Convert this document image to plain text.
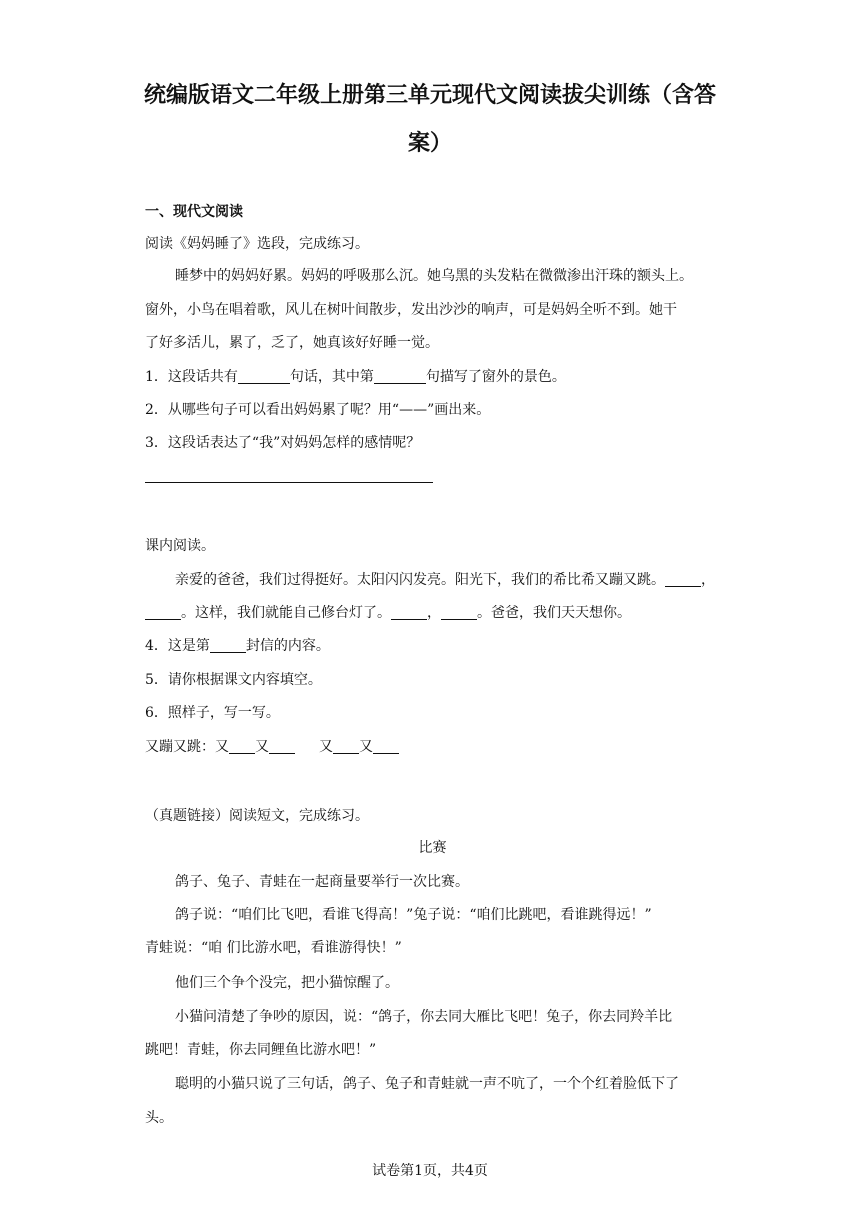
统编版语文二年级上册第三单元现代文阅读拔尖训练（含答
案）
一、现代文阅读
阅读《妈妈睡了》选段，完成练习。
睡梦中的妈妈好累。妈妈的呼吸那么沉。她乌黑的头发粘在微微渗出汗珠的额头上。
窗外，小鸟在唱着歌，风儿在树叶间散步，发出沙沙的响声，可是妈妈全听不到。她干
了好多活儿，累了，乏了，她真该好好睡一觉。
1．这段话共有	句话，其中第	句描写了窗外的景色。
2．从哪些句子可以看出妈妈累了呢？用“——”画出来。
3．这段话表达了“我”对妈妈怎样的感情呢？
课内阅读。
亲爱的爸爸，我们过得挺好。太阳闪闪发亮。阳光下，我们的希比希又蹦又跳。	，
。这样，我们就能自己修台灯了。	，	。爸爸，我们天天想你。
4．这是第	封信的内容。
5．请你根据课文内容填空。
6．照样子，写一写。
又蹦又跳：又 又	又 又
（真题链接）阅读短文，完成练习。
比赛
鸽子、兔子、青蛙在一起商量要举行一次比赛。
鸽子说：“咱们比飞吧，看谁飞得高！”兔子说：“咱们比跳吧，看谁跳得远！”
青蛙说：“咱 们比游水吧，看谁游得快！”
他们三个争个没完，把小猫惊醒了。
小猫问清楚了争吵的原因，说：“鸽子，你去同大雁比飞吧！兔子，你去同羚羊比
跳吧！青蛙，你去同鲤鱼比游水吧！”
聪明的小猫只说了三句话，鸽子、兔子和青蛙就一声不吭了，一个个红着脸低下了
头。
试卷第1页，共4页
